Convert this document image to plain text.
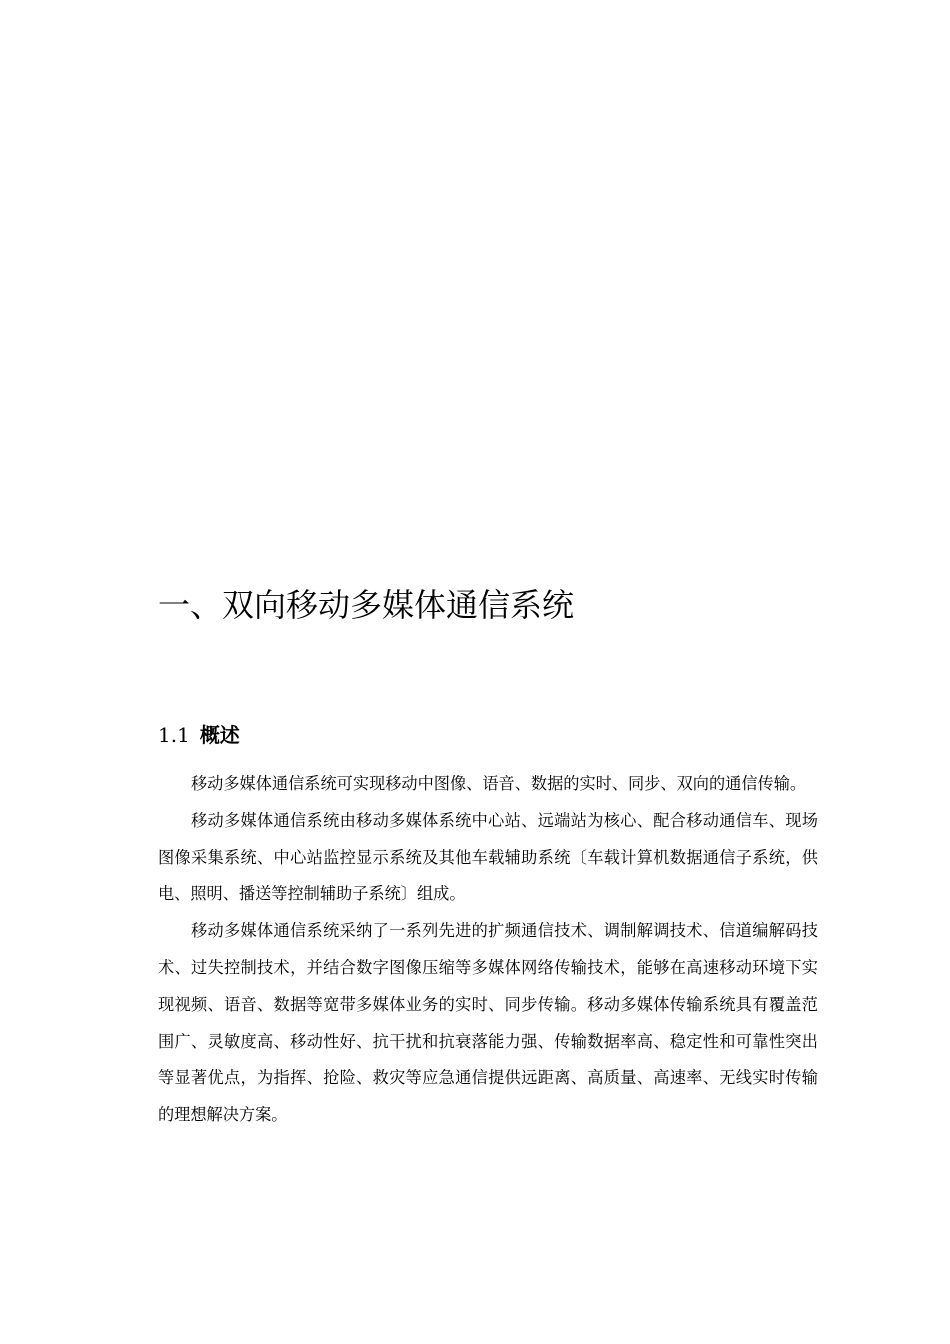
一、双向移动多媒体通信系统
1.1 概述

移动多媒体通信系统可实现移动中图像、语音、数据的实时、同步、双向的通信传输。

移动多媒体通信系统由移动多媒体系统中心站、远端站为核心、配合移动通信车、现场图像采集系统、中心站监控显示系统及其他车载辅助系统〔车载计算机数据通信子系统，供电、照明、播送等控制辅助子系统〕组成。

移动多媒体通信系统采纳了一系列先进的扩频通信技术、调制解调技术、信道编解码技术、过失控制技术，并结合数字图像压缩等多媒体网络传输技术，能够在高速移动环境下实现视频、语音、数据等宽带多媒体业务的实时、同步传输。移动多媒体传输系统具有覆盖范围广、灵敏度高、移动性好、抗干扰和抗衰落能力强、传输数据率高、稳定性和可靠性突出等显著优点，为指挥、抢险、救灾等应急通信提供远距离、高质量、高速率、无线实时传输的理想解决方案。
